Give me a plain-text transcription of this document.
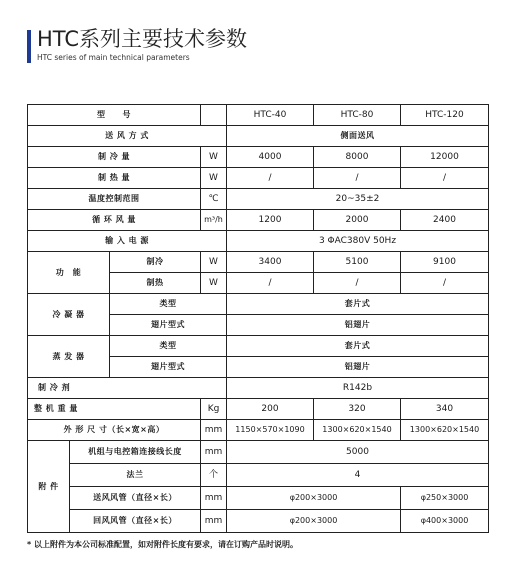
HTC系列主要技术参数
HTC series of main technical parameters
型　　号				HTC-40	HTC-80	HTC-120
送 风 方 式				侧面送风		
制 冷 量			W	4000	8000	12000
制 热 量			W	/	/	/
温度控制范围			℃	20~35±2		
循 环 风 量			m³/h	1200	2000	2400
输 入 电 源				3 ΦAC380V 50Hz		
功　能		制冷	W	3400	5100	9100
		制热	W	/	/	/
冷 凝 器		类型		套片式		
		翅片型式		铝翅片		
蒸 发 器		类型		套片式		
		翅片型式		铝翅片		
制 冷 剂				R142b		
整 机 重 量			Kg	200	320	340
外 形 尺 寸（长×宽×高）			mm	1150×570×1090	1300×620×1540	1300×620×1540
附 件	机组与电控箱连接线长度		mm	5000		
	法兰		个	4		
	送风风管（直径×长）		mm	φ200×3000		φ250×3000
	回风风管（直径×长）		mm	φ200×3000		φ400×3000
* 以上附件为本公司标准配置，如对附件长度有要求，请在订购产品时说明。
